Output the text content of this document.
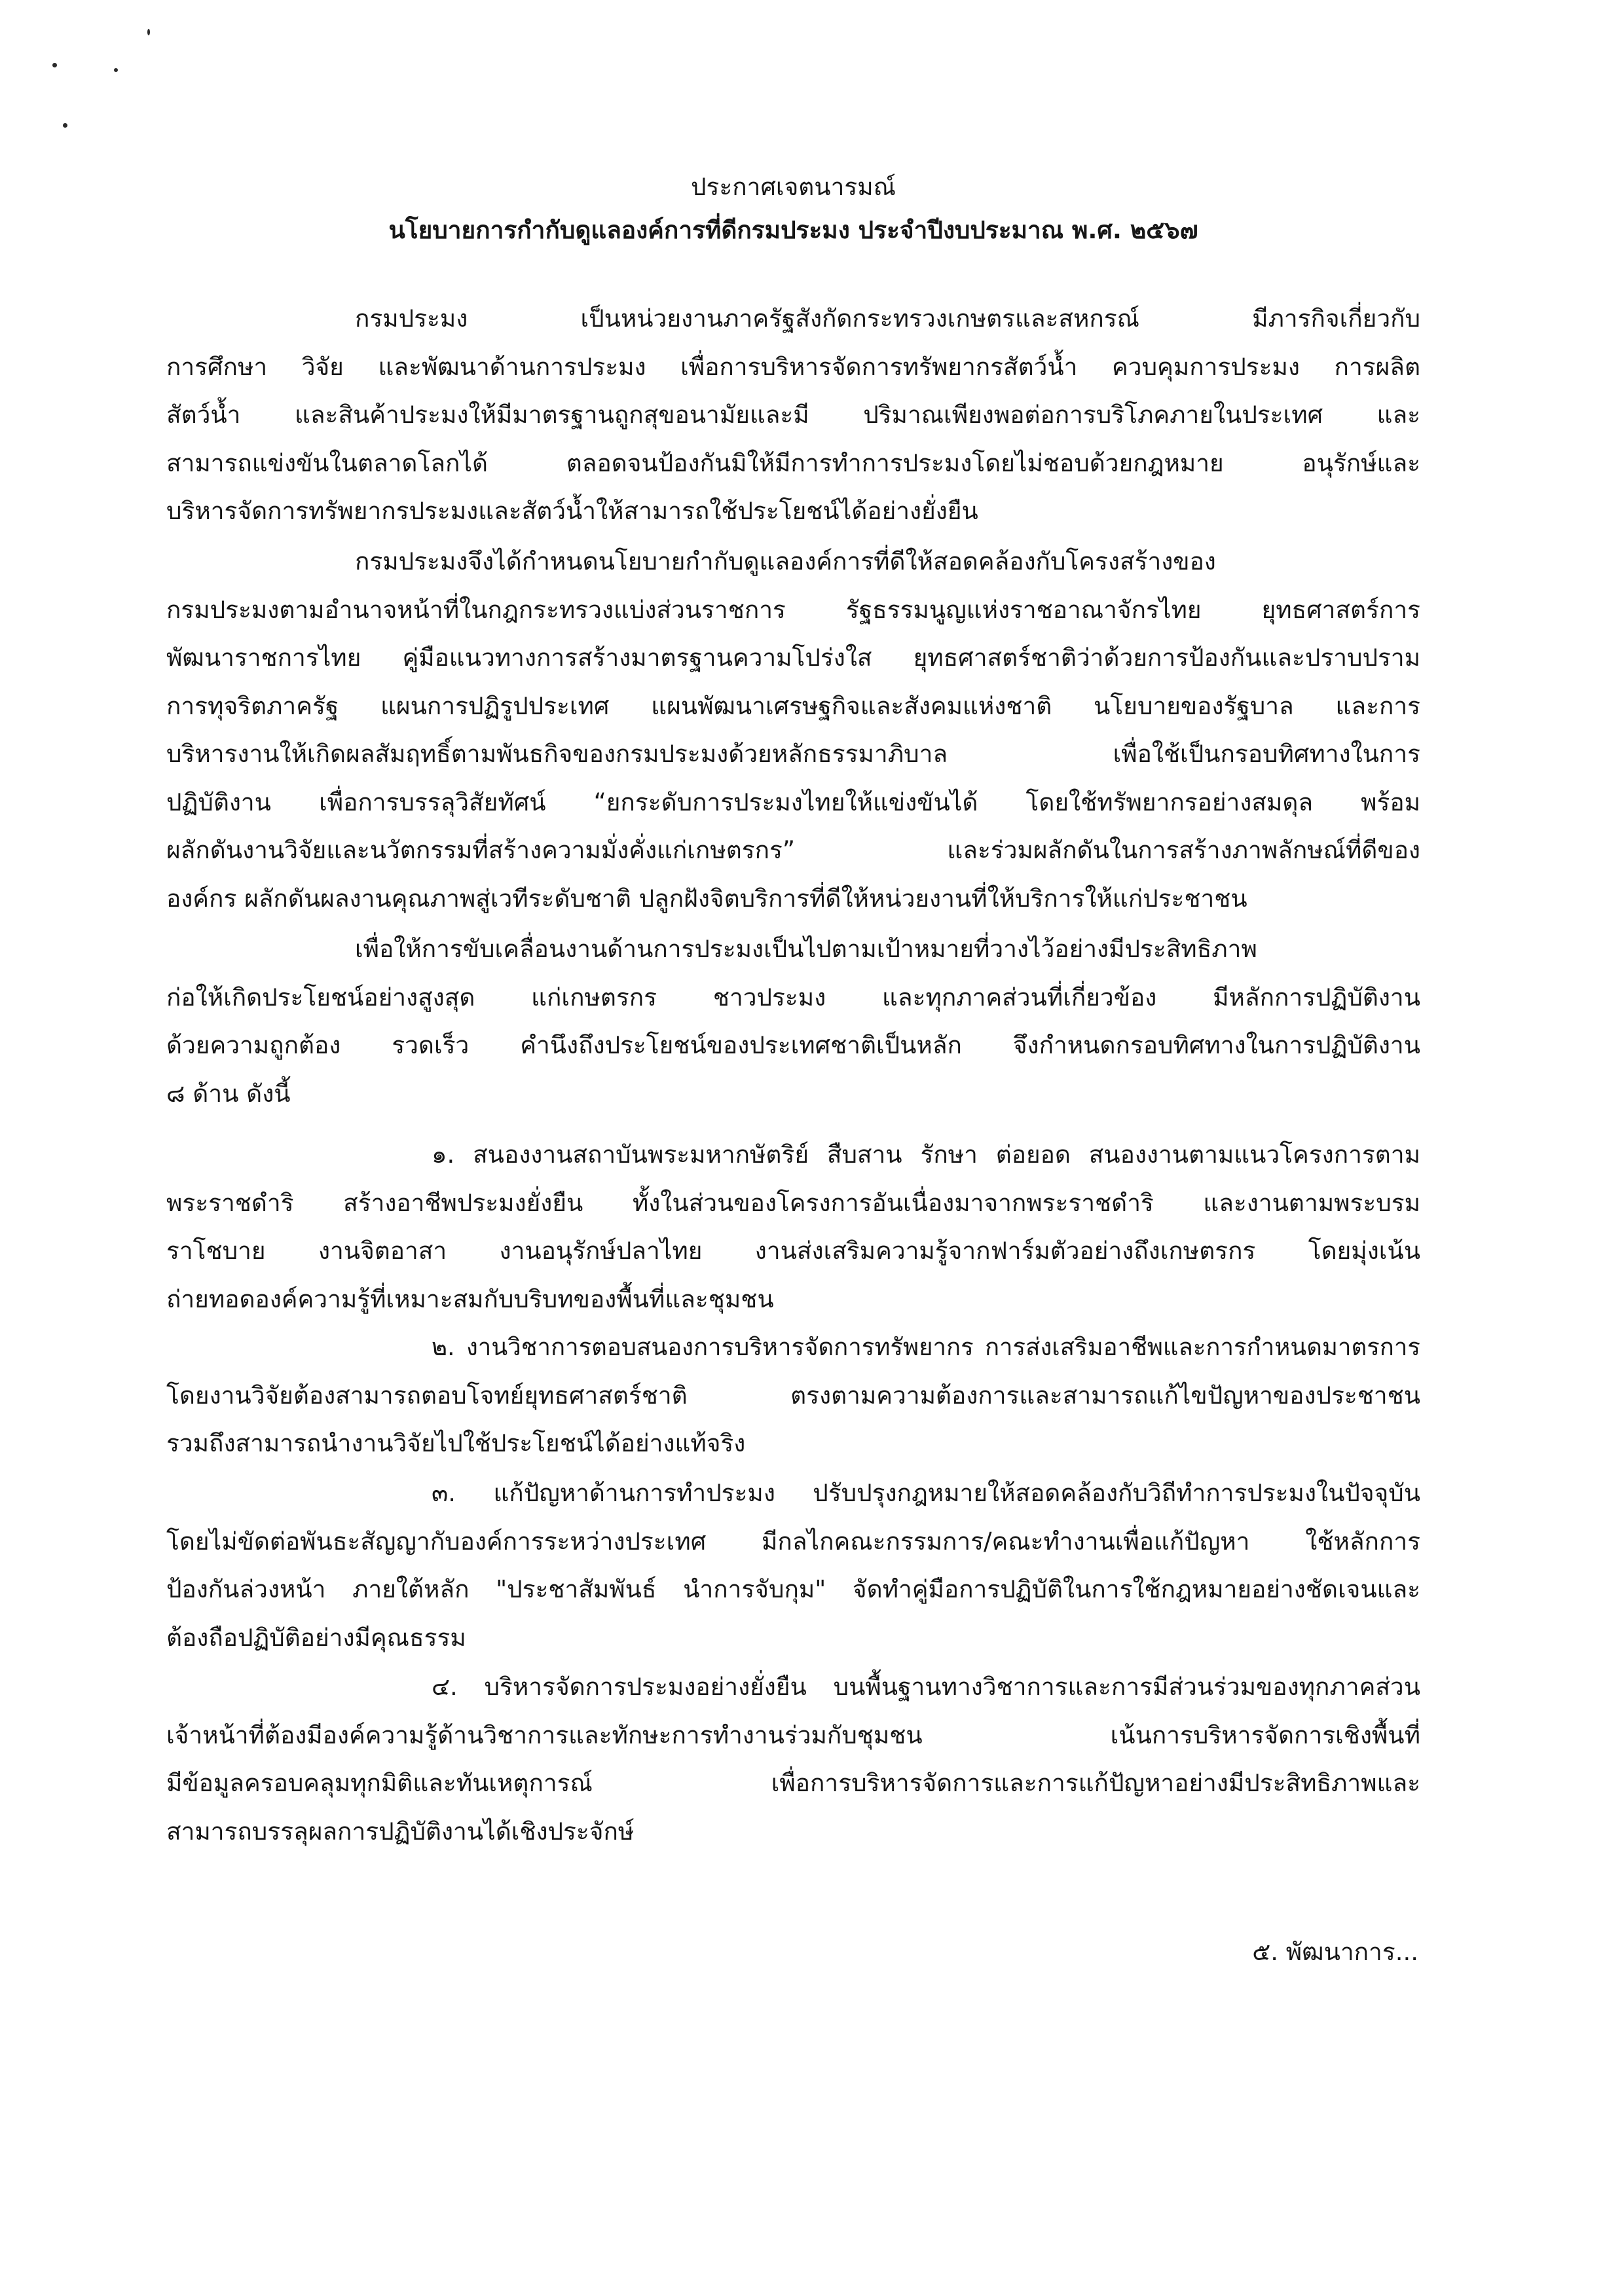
ประกาศเจตนารมณ์
นโยบายการกำกับดูแลองค์การที่ดีกรมประมง ประจำปีงบประมาณ พ.ศ. ๒๕๖๗
กรมประมง เป็นหน่วยงานภาครัฐสังกัดกระทรวงเกษตรและสหกรณ์ มีภารกิจเกี่ยวกับ
การศึกษา วิจัย และพัฒนาด้านการประมง เพื่อการบริหารจัดการทรัพยากรสัตว์น้ำ ควบคุมการประมง การผลิต
สัตว์น้ำ และสินค้าประมงให้มีมาตรฐานถูกสุขอนามัยและมี ปริมาณเพียงพอต่อการบริโภคภายในประเทศ และ
สามารถแข่งขันในตลาดโลกได้ ตลอดจนป้องกันมิให้มีการทำการประมงโดยไม่ชอบด้วยกฎหมาย อนุรักษ์และ
บริหารจัดการทรัพยากรประมงและสัตว์น้ำให้สามารถใช้ประโยชน์ได้อย่างยั่งยืน
กรมประมงจึงได้กำหนดนโยบายกำกับดูแลองค์การที่ดีให้สอดคล้องกับโครงสร้างของ
กรมประมงตามอำนาจหน้าที่ในกฎกระทรวงแบ่งส่วนราชการ รัฐธรรมนูญแห่งราชอาณาจักรไทย ยุทธศาสตร์การ
พัฒนาราชการไทย คู่มือแนวทางการสร้างมาตรฐานความโปร่งใส ยุทธศาสตร์ชาติว่าด้วยการป้องกันและปราบปราม
การทุจริตภาครัฐ แผนการปฏิรูปประเทศ แผนพัฒนาเศรษฐกิจและสังคมแห่งชาติ นโยบายของรัฐบาล และการ
บริหารงานให้เกิดผลสัมฤทธิ์ตามพันธกิจของกรมประมงด้วยหลักธรรมาภิบาล เพื่อใช้เป็นกรอบทิศทางในการ
ปฏิบัติงาน เพื่อการบรรลุวิสัยทัศน์ “ยกระดับการประมงไทยให้แข่งขันได้ โดยใช้ทรัพยากรอย่างสมดุล พร้อม
ผลักดันงานวิจัยและนวัตกรรมที่สร้างความมั่งคั่งแก่เกษตรกร” และร่วมผลักดันในการสร้างภาพลักษณ์ที่ดีของ
องค์กร ผลักดันผลงานคุณภาพสู่เวทีระดับชาติ ปลูกฝังจิตบริการที่ดีให้หน่วยงานที่ให้บริการให้แก่ประชาชน
เพื่อให้การขับเคลื่อนงานด้านการประมงเป็นไปตามเป้าหมายที่วางไว้อย่างมีประสิทธิภาพ
ก่อให้เกิดประโยชน์อย่างสูงสุด แก่เกษตรกร ชาวประมง และทุกภาคส่วนที่เกี่ยวข้อง มีหลักการปฏิบัติงาน
ด้วยความถูกต้อง รวดเร็ว คำนึงถึงประโยชน์ของประเทศชาติเป็นหลัก จึงกำหนดกรอบทิศทางในการปฏิบัติงาน
๘ ด้าน ดังนี้
๑. สนองงานสถาบันพระมหากษัตริย์ สืบสาน รักษา ต่อยอด สนองงานตามแนวโครงการตาม
พระราชดำริ สร้างอาชีพประมงยั่งยืน ทั้งในส่วนของโครงการอันเนื่องมาจากพระราชดำริ และงานตามพระบรม
ราโชบาย งานจิตอาสา งานอนุรักษ์ปลาไทย งานส่งเสริมความรู้จากฟาร์มตัวอย่างถึงเกษตรกร โดยมุ่งเน้น
ถ่ายทอดองค์ความรู้ที่เหมาะสมกับบริบทของพื้นที่และชุมชน
๒. งานวิชาการตอบสนองการบริหารจัดการทรัพยากร การส่งเสริมอาชีพและการกำหนดมาตรการ
โดยงานวิจัยต้องสามารถตอบโจทย์ยุทธศาสตร์ชาติ ตรงตามความต้องการและสามารถแก้ไขปัญหาของประชาชน
รวมถึงสามารถนำงานวิจัยไปใช้ประโยชน์ได้อย่างแท้จริง
๓. แก้ปัญหาด้านการทำประมง ปรับปรุงกฎหมายให้สอดคล้องกับวิถีทำการประมงในปัจจุบัน
โดยไม่ขัดต่อพันธะสัญญากับองค์การระหว่างประเทศ มีกลไกคณะกรรมการ/คณะทำงานเพื่อแก้ปัญหา ใช้หลักการ
ป้องกันล่วงหน้า ภายใต้หลัก "ประชาสัมพันธ์ นำการจับกุม" จัดทำคู่มือการปฏิบัติในการใช้กฎหมายอย่างชัดเจนและ
ต้องถือปฏิบัติอย่างมีคุณธรรม
๔. บริหารจัดการประมงอย่างยั่งยืน บนพื้นฐานทางวิชาการและการมีส่วนร่วมของทุกภาคส่วน
เจ้าหน้าที่ต้องมีองค์ความรู้ด้านวิชาการและทักษะการทำงานร่วมกับชุมชน เน้นการบริหารจัดการเชิงพื้นที่
มีข้อมูลครอบคลุมทุกมิติและทันเหตุการณ์ เพื่อการบริหารจัดการและการแก้ปัญหาอย่างมีประสิทธิภาพและ
สามารถบรรลุผลการปฏิบัติงานได้เชิงประจักษ์
๕. พัฒนาการ...
